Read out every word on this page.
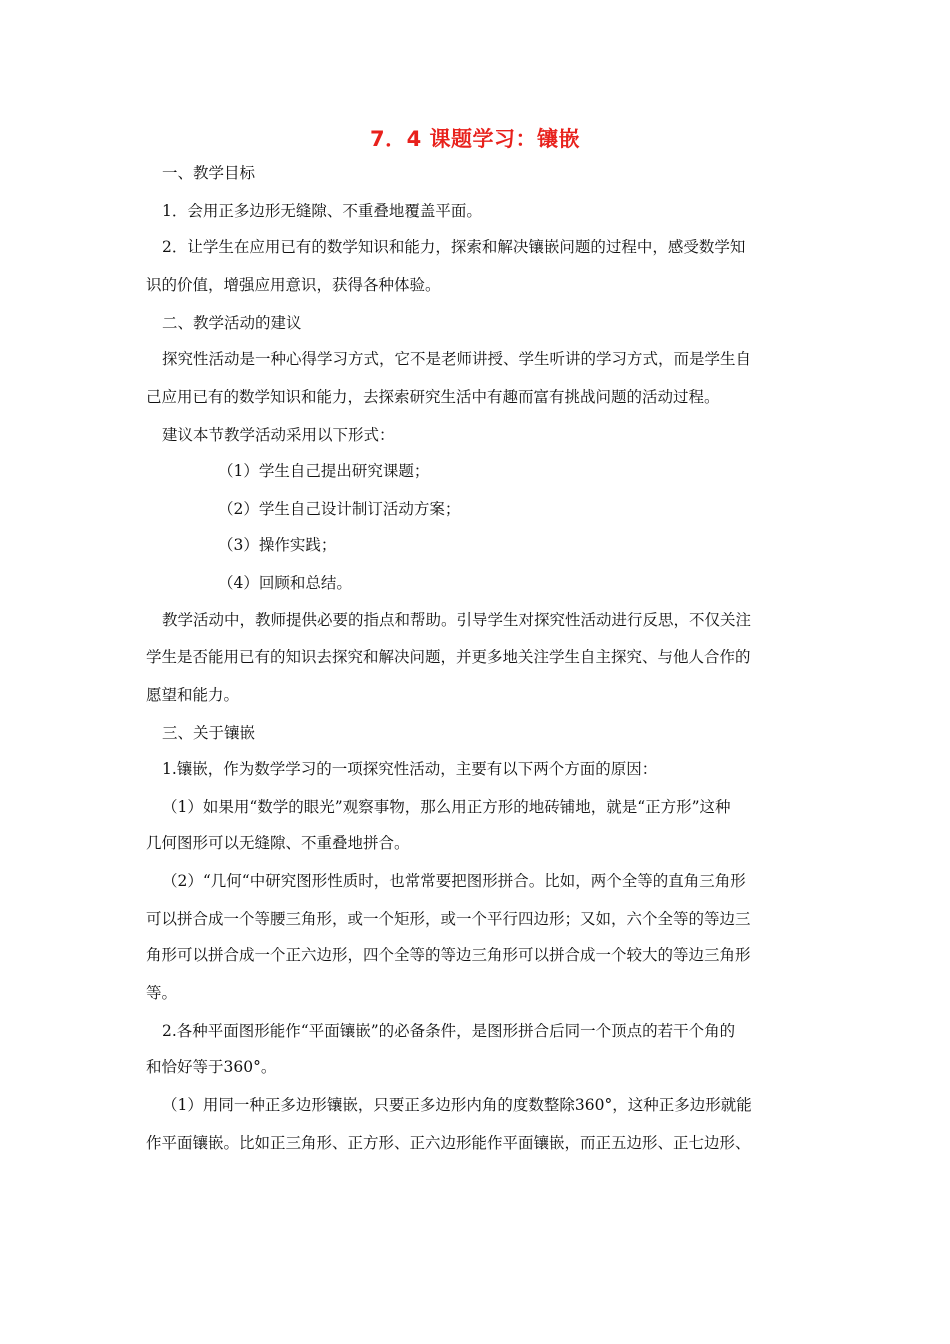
7．4 课题学习：镶嵌
一、教学目标
1．会用正多边形无缝隙、不重叠地覆盖平面。
2．让学生在应用已有的数学知识和能力，探索和解决镶嵌问题的过程中，感受数学知
识的价值，增强应用意识，获得各种体验。
二、教学活动的建议
探究性活动是一种心得学习方式，它不是老师讲授、学生听讲的学习方式，而是学生自
己应用已有的数学知识和能力，去探索研究生活中有趣而富有挑战问题的活动过程。
建议本节教学活动采用以下形式：
（1）学生自己提出研究课题；
（2）学生自己设计制订活动方案；
（3）操作实践；
（4）回顾和总结。
教学活动中，教师提供必要的指点和帮助。引导学生对探究性活动进行反思，不仅关注
学生是否能用已有的知识去探究和解决问题，并更多地关注学生自主探究、与他人合作的
愿望和能力。
三、关于镶嵌
1.镶嵌，作为数学学习的一项探究性活动，主要有以下两个方面的原因：
（1）如果用“数学的眼光”观察事物，那么用正方形的地砖铺地，就是“正方形”这种
几何图形可以无缝隙、不重叠地拼合。
（2）“几何“中研究图形性质时，也常常要把图形拼合。比如，两个全等的直角三角形
可以拼合成一个等腰三角形，或一个矩形，或一个平行四边形；又如，六个全等的等边三
角形可以拼合成一个正六边形，四个全等的等边三角形可以拼合成一个较大的等边三角形
等。
2.各种平面图形能作“平面镶嵌”的必备条件，是图形拼合后同一个顶点的若干个角的
和恰好等于360°。
（1）用同一种正多边形镶嵌，只要正多边形内角的度数整除360°，这种正多边形就能
作平面镶嵌。比如正三角形、正方形、正六边形能作平面镶嵌，而正五边形、正七边形、
